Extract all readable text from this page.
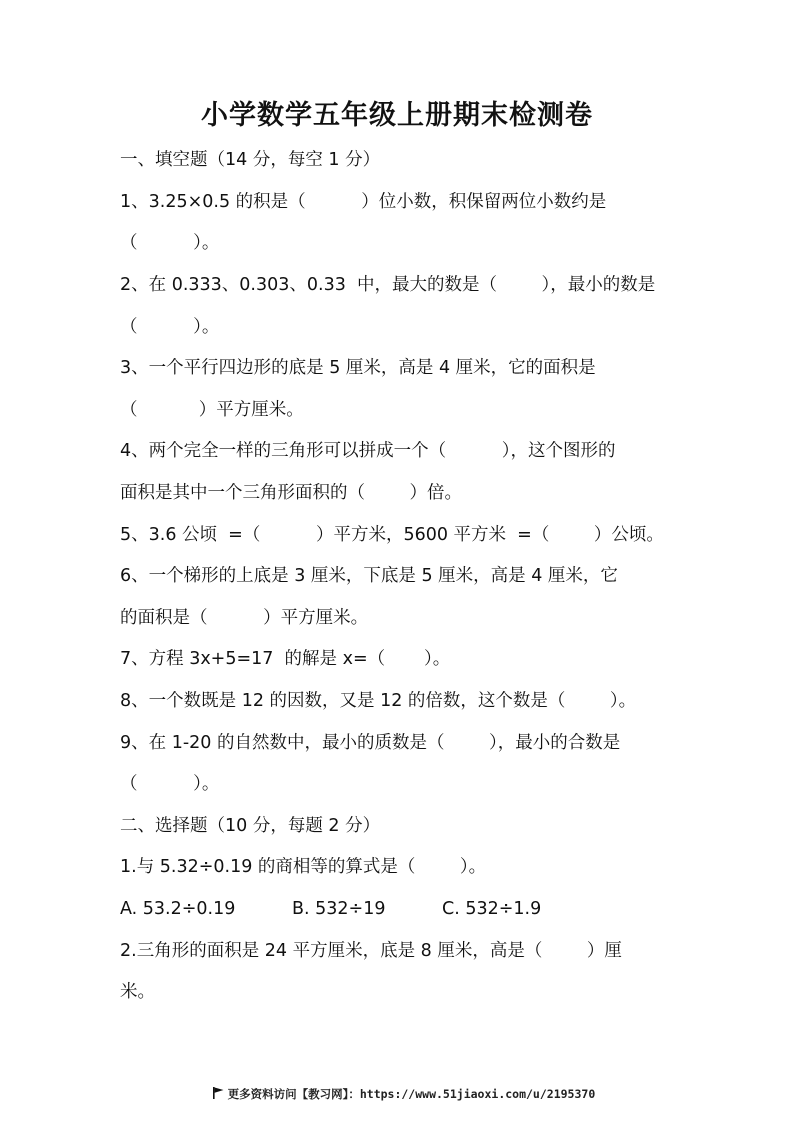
小学数学五年级上册期末检测卷
一、填空题（14 分，每空 1 分）
1、3.25×0.5 的积是（          ）位小数，积保留两位小数约是
（          ）。
2、在 0.333、0.303、0.33  中，最大的数是（        ），最小的数是
（          ）。
3、一个平行四边形的底是 5 厘米，高是 4 厘米，它的面积是
（           ）平方厘米。
4、两个完全一样的三角形可以拼成一个（          ），这个图形的
面积是其中一个三角形面积的（        ）倍。
5、3.6 公顷  =（          ）平方米，5600 平方米  =（        ）公顷。
6、一个梯形的上底是 3 厘米，下底是 5 厘米，高是 4 厘米，它
的面积是（          ）平方厘米。
7、方程 3x+5=17  的解是 x=（       ）。
8、一个数既是 12 的因数，又是 12 的倍数，这个数是（        ）。
9、在 1-20 的自然数中，最小的质数是（        ），最小的合数是
（          ）。
二、选择题（10 分，每题 2 分）
1.与 5.32÷0.19 的商相等的算式是（        ）。
A. 53.2÷0.19	B. 532÷19	C. 532÷1.9
2.三角形的面积是 24 平方厘米，底是 8 厘米，高是（        ）厘
米。

更多资料访问【教习网】：https://www.51jiaoxi.com/u/2195370
